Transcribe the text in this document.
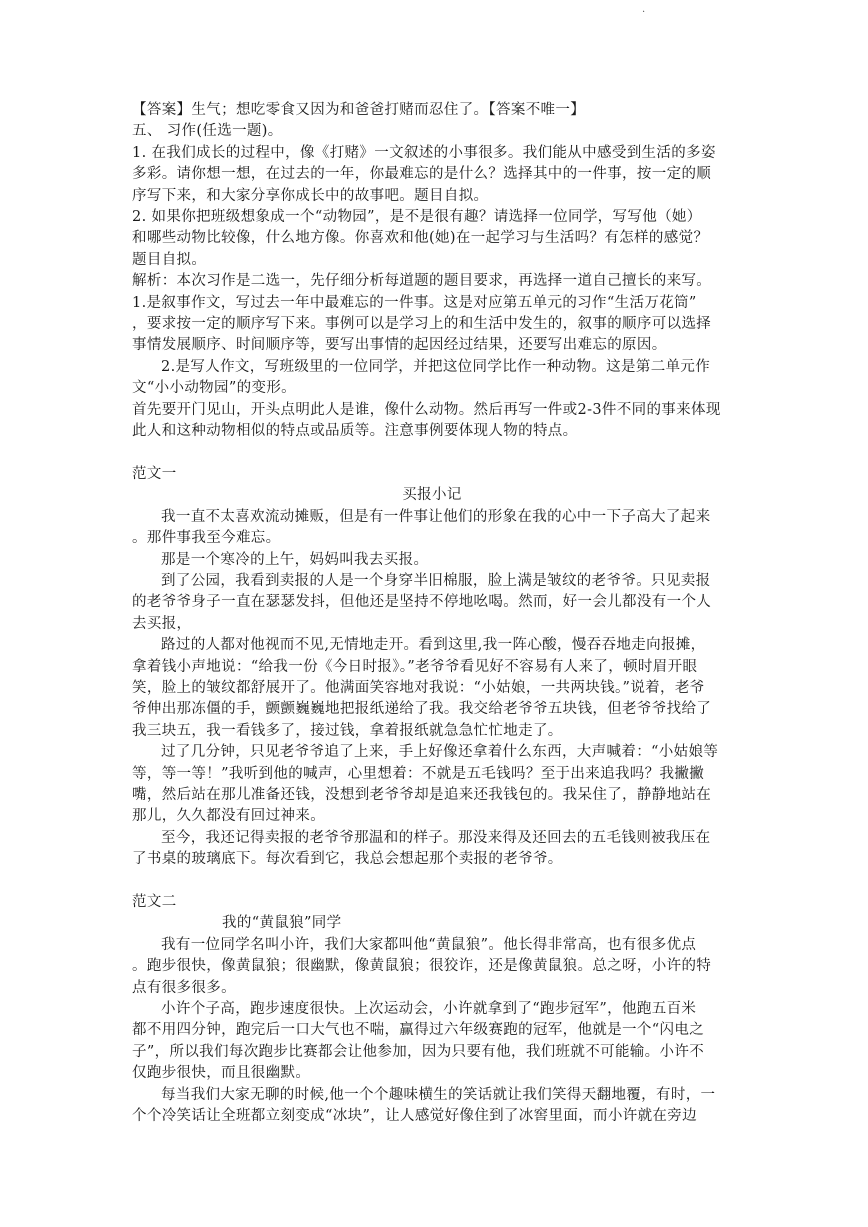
.
【答案】生气；想吃零食又因为和爸爸打赌而忍住了。【答案不唯一】
五、 习作(任选一题)。
1. 在我们成长的过程中，像《打赌》一文叙述的小事很多。我们能从中感受到生活的多姿
多彩。请你想一想，在过去的一年，你最难忘的是什么？选择其中的一件事，按一定的顺
序写下来，和大家分享你成长中的故事吧。题目自拟。
2. 如果你把班级想象成一个“动物园”，是不是很有趣？请选择一位同学，写写他（她）
和哪些动物比较像，什么地方像。你喜欢和他(她)在一起学习与生活吗？有怎样的感觉？
题目自拟。
解析：本次习作是二选一，先仔细分析每道题的题目要求，再选择一道自己擅长的来写。
1.是叙事作文，写过去一年中最难忘的一件事。这是对应第五单元的习作“生活万花筒”
，要求按一定的顺序写下来。事例可以是学习上的和生活中发生的，叙事的顺序可以选择
事情发展顺序、时间顺序等，要写出事情的起因经过结果，还要写出难忘的原因。
2.是写人作文，写班级里的一位同学，并把这位同学比作一种动物。这是第二单元作
文“小小动物园”的变形。
首先要开门见山，开头点明此人是谁，像什么动物。然后再写一件或2-3件不同的事来体现
此人和这种动物相似的特点或品质等。注意事例要体现人物的特点。
范文一
买报小记
我一直不太喜欢流动摊贩，但是有一件事让他们的形象在我的心中一下子高大了起来
。那件事我至今难忘。
那是一个寒冷的上午，妈妈叫我去买报。
到了公园，我看到卖报的人是一个身穿半旧棉服，脸上满是皱纹的老爷爷。只见卖报
的老爷爷身子一直在瑟瑟发抖，但他还是坚持不停地吆喝。然而，好一会儿都没有一个人
去买报，
路过的人都对他视而不见,无情地走开。看到这里,我一阵心酸，慢吞吞地走向报摊，
拿着钱小声地说：“给我一份《今日时报》。”老爷爷看见好不容易有人来了，顿时眉开眼
笑，脸上的皱纹都舒展开了。他满面笑容地对我说：“小姑娘，一共两块钱。”说着，老爷
爷伸出那冻僵的手，颤颤巍巍地把报纸递给了我。我交给老爷爷五块钱，但老爷爷找给了
我三块五，我一看钱多了，接过钱，拿着报纸就急急忙忙地走了。
过了几分钟，只见老爷爷追了上来，手上好像还拿着什么东西，大声喊着：“小姑娘等
等，等一等！”我听到他的喊声，心里想着：不就是五毛钱吗？至于出来追我吗？我撇撇
嘴，然后站在那儿准备还钱，没想到老爷爷却是追来还我钱包的。我呆住了，静静地站在
那儿，久久都没有回过神来。
至今，我还记得卖报的老爷爷那温和的样子。那没来得及还回去的五毛钱则被我压在
了书桌的玻璃底下。每次看到它，我总会想起那个卖报的老爷爷。
范文二
我的“黄鼠狼”同学
我有一位同学名叫小许，我们大家都叫他“黄鼠狼”。他长得非常高，也有很多优点
。跑步很快，像黄鼠狼；很幽默，像黄鼠狼；很狡诈，还是像黄鼠狼。总之呀，小许的特
点有很多很多。
小许个子高，跑步速度很快。上次运动会，小许就拿到了“跑步冠军”，他跑五百米
都不用四分钟，跑完后一口大气也不喘，赢得过六年级赛跑的冠军，他就是一个“闪电之
子”，所以我们每次跑步比赛都会让他参加，因为只要有他，我们班就不可能输。小许不
仅跑步很快，而且很幽默。
每当我们大家无聊的时候,他一个个趣味横生的笑话就让我们笑得天翻地覆，有时，一
个个冷笑话让全班都立刻变成“冰块”，让人感觉好像住到了冰窖里面，而小许就在旁边
